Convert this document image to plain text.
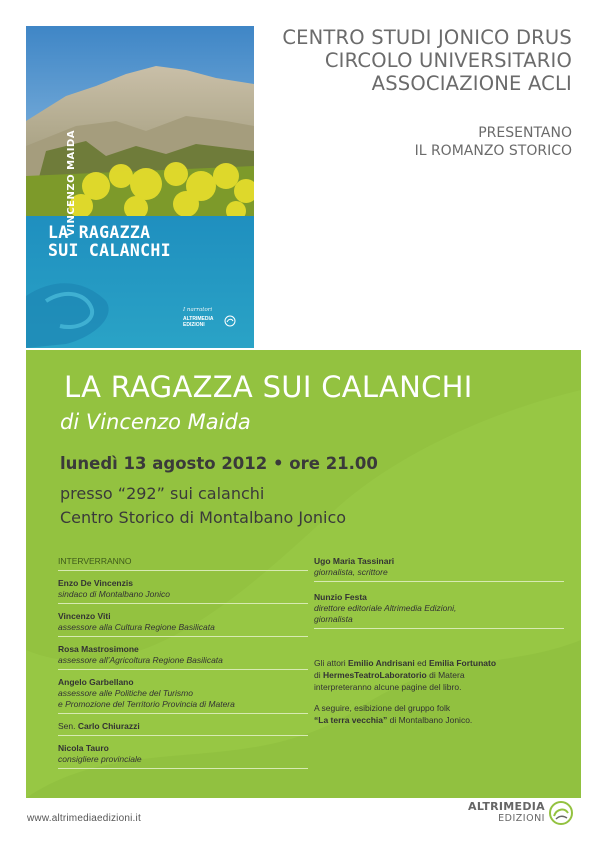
CENTRO STUDI JONICO DRUS
CIRCOLO UNIVERSITARIO
ASSOCIAZIONE ACLI
PRESENTANO
IL ROMANZO STORICO
VINCENZO MAIDA
LA RAGAZZA
SUI CALANCHI
I narratori
ALTRIMEDIA
EDIZIONI
LA RAGAZZA SUI CALANCHI
di Vincenzo Maida
lunedì 13 agosto 2012 • ore 21.00
presso “292” sui calanchi
Centro Storico di Montalbano Jonico
INTERVERRANNO
Enzo De Vincenzis
sindaco di Montalbano Jonico
Vincenzo Viti
assessore alla Cultura Regione Basilicata
Rosa Mastrosimone
assessore all’Agricoltura Regione Basilicata
Angelo Garbellano
assessore alle Politiche del Turismo
e Promozione del Territorio Provincia di Matera
Sen. Carlo Chiurazzi
Nicola Tauro
consigliere provinciale
Ugo Maria Tassinari
giornalista, scrittore
Nunzio Festa
direttore editoriale Altrimedia Edizioni,
giornalista
Gli attori Emilio Andrisani ed Emilia Fortunato
di HermesTeatroLaboratorio di Matera
interpreteranno alcune pagine del libro.
A seguire, esibizione del gruppo folk
“La terra vecchia” di Montalbano Jonico.
www.altrimediaedizioni.it
ALTRIMEDIA
EDIZIONI
